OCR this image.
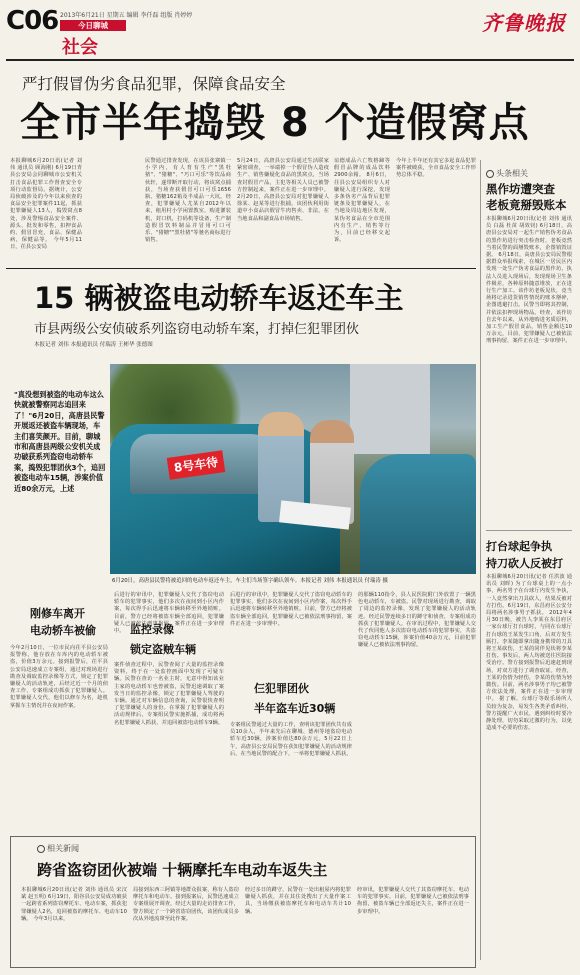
C06 2013年6月21日 星期五 编辑 李仟磊 组版 肖婷婷
今日聊城
社会
齐鲁晚报
严打假冒伪劣食品犯罪，保障食品安全
全市半年捣毁 8 个造假窝点
本报聊城6月20日讯(记者 刘 伟 通讯员 顾海刚) 6月19日青县公安局会同聊城市公安机关打击食品犯罪工作督查安全专项行动监督局。据统计，公安局侦破涉及的今年以来侦查的食品安全犯罪案件11起，抓获犯罪嫌疑人13人，捣毁窝点8处，涉及警惕食品安全案件、源头、批发和零售，扣押食品约、假冒冒充，食品、保健品病，保健品等。 今年5月11日，茌县公安局
民警通过排查发现，在该县张寨镇一小学内，有人育有生产"黑牡猪"、"猪糖"、"巧口可乐"等饮品商伙轩，遂带断开取行动，将该窝点捕获，当场查获假冒可口可乐1656瓶、猪糖162箱及半成品一大坑。经查，犯罪嫌疑人尤某自2012年以来，租用村小学闲置教室，购进灌装机，封口机，打码机等设备，生产制造假冒饮料制品并冒用可口可乐、"猪糖""黑牡猪"等驰名商标进行销售。
5月24日，高唐县公安局通过生活联家紧密调查，一举端掉一个假冒伪人造疫生产、销售嫌疑化食品的黑窝点，当场查封假冒产品，主犯等相关人员已被警方控制起来，案件正在进一步审理中。 2月20日，高唐县公安局对犯罪嫌疑人徐某、赵某等进行批捕。该团伙利用街道中小食品店假冒牛肉售卖、非法，在当地食品和副食品市场销售。
谊德成品六亡牧格蹄等假冒品牌的成品饮料2900余箱。 8月6日，茌县公安局组织专人对嫌疑人进行深挖，发现多条伪劣产品背后犯罪链条及犯罪嫌疑人，在当地及周边地区发现，某伪劣食品在全市范围内有生产、销售等行为，目前已经移交起诉。
今年上半年还有其它多起食品犯罪案件被破获，全市食品安全工作形势总体平稳。	头条相关
黑作坊遭突查
老板竟掰毁账本
本报聊城6月20日讯(记者 刘伟 通讯员 白磊 杜苗 胡效钊) 6月18日，高唐县公安局对一起生产销售伪劣食品的黑作坊进行突击检查时，老板竟然当着民警的面掰毁账本，企图销毁证据。 6月18日，高唐县公安局民警根据群众举报线索，在城区一居民区内发现一处生产伪劣食品的黑作坊，执法人员进入现场后，发现现场卫生条件极差，各种原料随意堆放，正在进行生产加工。该作坊老板见状，竟当场将记录进货销售情况的账本掰碎，企图逃避打击。民警当即将其控制，并依法扣押现场物品。经查，该作坊自去年以来，从外地购进劣质原料，加工生产假冒食品，销售金额达10万余元，目前，犯罪嫌疑人已被依法刑事拘留，案件正在进一步审理中。
15 辆被盗电动轿车返还车主
市县两级公安侦破系列盗窃电动轿车案，打掉仨犯罪团伙
本报记者 刘伟 本报通讯员 付瑞涛 王彬华 张德图
"真没想到被盗的电动车这么快就被警察同志追回来了！"6月20日，高唐县民警开展返还被盗车辆现场，车主们喜笑颜开。目前，聊城市和高唐县两级公安机关成功破获系列盗窃电动轿车案，捣毁犯罪团伙3个，追回被盗电动车15辆，涉案价值近80余万元，上述
8号车待
6月20日，高唐县民警将被追回的电动车返还车主，车主们当场签字确认领车。本报记者 刘伟 本报通讯员 付瑞涛 摄
刚修车离开
电动轿车被偷
今年2月10日，一位市民向茌平县公安局报警称，他存放在车库内的电动轿车被盗，价值3万余元。接到报警后，茌平县公安局迅速成立专案组，通过对现场进行勘查及调取监控录像等方式，锁定了犯罪嫌疑人的活动轨迹，后经过近一个月的侦查工作，专案组成功抓获了犯罪嫌疑人。犯罪嫌疑人交代，他们以修车为名，趁机掌握车主情况并在夜间作案。
后进行的审讯中，犯罪嫌疑人交代了盗窃电动轿车的犯罪事实，他们多次在夜间到小区内作案，每次得手后迅速将车辆转移至外地销赃。目前，警方已经将被盗车辆全部追回，犯罪嫌疑人已被依法刑事拘留，案件正在进一步审理中。 监控录像
锁定盗贼车辆
案件侦查过程中，民警查阅了大量的监控录像资料，终于在一处监控画面中发现了可疑车辆。民警在查访一名业主时，无意中得知该业主家的电动轿车也曾被盗，民警迅速调取了案发当日的监控录像，锁定了犯罪嫌疑人驾驶的车辆。通过对车辆信息的查询，民警很快查明了犯罪嫌疑人的身份。在掌握了犯罪嫌疑人的活动规律后，专案组民警实施抓捕，成功将两名犯罪嫌疑人抓获，并追回被盗电动轿车9辆。
后进行的审讯中，犯罪嫌疑人交代了盗窃电动轿车的犯罪事实，他们多次在夜间到小区内作案，每次得手后迅速将车辆转移至外地销赃。目前，警方已经将被盗车辆全部追回，犯罪嫌疑人已被依法刑事拘留，案件正在进一步审理中。
仨犯罪团伙
半年盗车近30辆
专案组民警通过大量的工作，查明该犯罪团伙共有成员10余人，半年来先后在聊城、德州等地盗窃电动轿车近30辆，涉案价值达80余万元。5月22日上午，高唐县公安局民警在获知犯罪嫌疑人的活动规律后，在当地民警的配合下，一举将犯罪嫌疑人抓获。
的那辆110指令，县人民医院附门外放置了一辆黑色电动轿车，车被盗。民警对现场进行勘查，调取了周边的监控录像，发现了犯罪嫌疑人的活动轨迹。经过民警连续多日的蹲守和侦查，专案组成功抓获了犯罪嫌疑人。在审讯过程中，犯罪嫌疑人交代了伙同他人多次盗窃电动轿车的犯罪事实，共盗窃电动轿车15辆，涉案价值40余万元，目前犯罪嫌疑人已被依法刑事拘留。
打台球起争执
持刀砍人反被打
本报聊城6月20日讯(记者 任洪波 通讯员 刘晖) 为了台球桌上的一点小事，两名男子在台球厅内发生争执，一人竟然拿出刀具砍人，结果反被对方打伤。6月19日，东昌府区公安分局将两名涉事男子抓获。 2012年4月30日晚，被告人李某在东昌府区一家台球厅打台球时，与同在台球厅打台球的王某发生口角，后双方发生厮打。李某随即拿出随身携带的刀具将王某砍伤，王某的同伴见状将李某打伤。事发后，两人均被送往医院接受治疗。警方接到报警后迅速赶到现场，对双方进行了调查取证。经查，王某的伤情为轻伤，李某的伤情为轻微伤。目前，两名涉事男子均已被警方依法处理，案件正在进一步审理中。 据了解，台球厅等娱乐场所人员较为复杂，易发生各类矛盾纠纷，警方提醒广大市民，遇到纠纷时要冷静处理，切勿采取过激的行为，以免造成不必要的伤害。
相关新闻
跨省盗窃团伙被端 十辆摩托车电动车返失主
本报聊城6月20日讯(记者 刘伟 通讯员 宋汉斌 赵玉明) 6月19日，阳谷县公安局成功破获一起跨省系列盗窃摩托车、电动车案，抓获犯罪嫌疑人2名，追回被盗的摩托车、电动车10辆。 今年3月以来，
局接到东西三阿镇等地群众报案，称有人盗窃摩托车和电动车。接到报案后，民警迅速成立专案组展开调查，经过大量的走访排查工作，警方锁定了一个跨省盗窃团伙，该团伙成员多次从外地流窜至此作案。
经过多日的蹲守，民警在一处出租屋内将犯罪嫌疑人抓获，并在其住处搜出了大量作案工具，当场缴获被盗摩托车和电动车共计10辆。
经审讯，犯罪嫌疑人交代了其盗窃摩托车、电动车的犯罪事实。目前，犯罪嫌疑人已被依法刑事拘留，被盗车辆已全部返还失主，案件正在进一步审理中。
